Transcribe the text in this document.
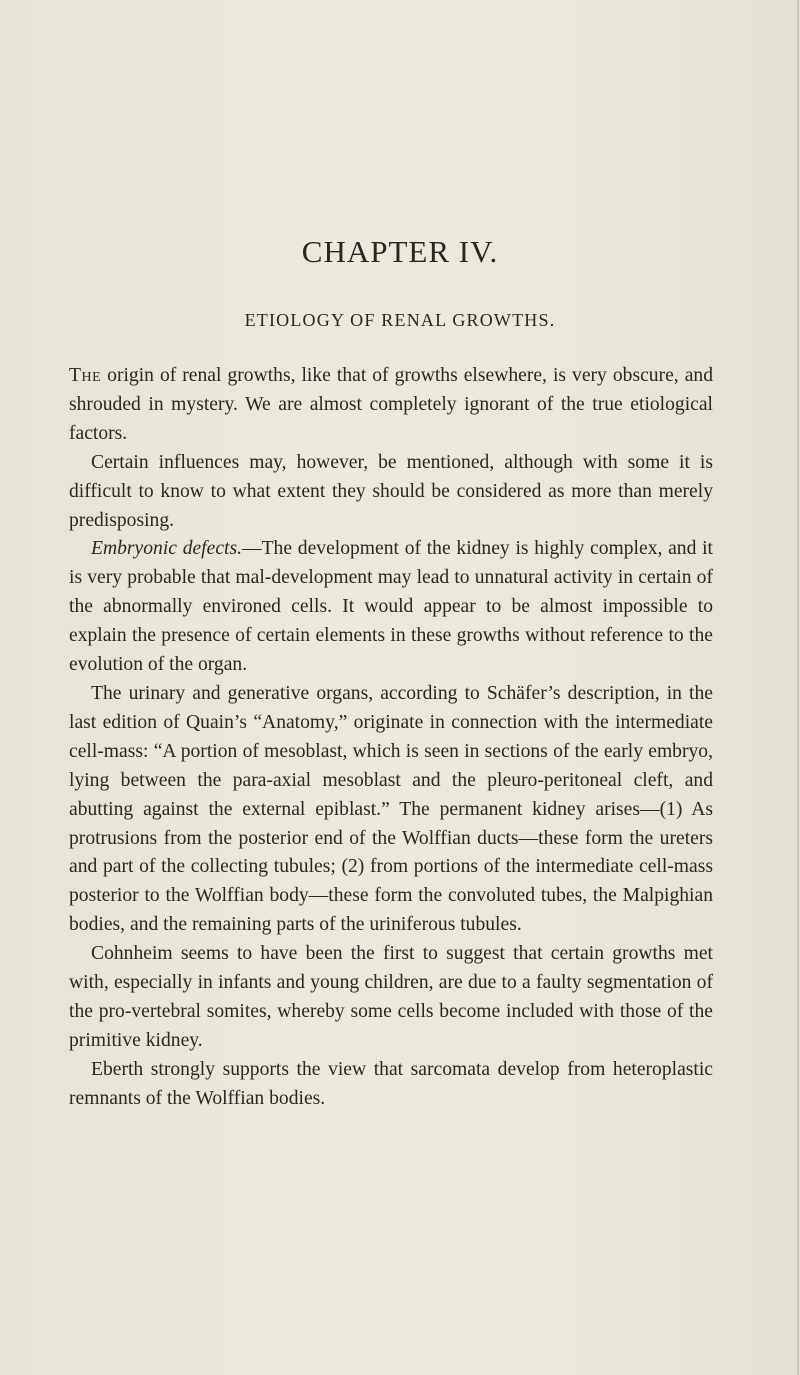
CHAPTER IV.
ETIOLOGY OF RENAL GROWTHS.

The origin of renal growths, like that of growths elsewhere, is very obscure, and shrouded in mystery. We are almost completely ignorant of the true etiological factors.

Certain influences may, however, be mentioned, although with some it is difficult to know to what extent they should be considered as more than merely predisposing.

Embryonic defects.—The development of the kidney is highly complex, and it is very probable that mal-development may lead to unnatural activity in certain of the abnormally environed cells. It would appear to be almost impossible to explain the presence of certain elements in these growths without reference to the evolution of the organ.

The urinary and generative organs, according to Schäfer’s description, in the last edition of Quain’s “Anatomy,” originate in connection with the intermediate cell-mass: “A portion of mesoblast, which is seen in sections of the early embryo, lying between the para-axial mesoblast and the pleuro-peritoneal cleft, and abutting against the external epiblast.” The permanent kidney arises—(1) As protrusions from the posterior end of the Wolffian ducts—these form the ureters and part of the collecting tubules; (2) from portions of the intermediate cell-mass posterior to the Wolffian body—these form the convoluted tubes, the Malpighian bodies, and the remaining parts of the uriniferous tubules.

Cohnheim seems to have been the first to suggest that certain growths met with, especially in infants and young children, are due to a faulty segmentation of the pro-vertebral somites, whereby some cells become included with those of the primitive kidney.

Eberth strongly supports the view that sarcomata develop from heteroplastic remnants of the Wolffian bodies.
